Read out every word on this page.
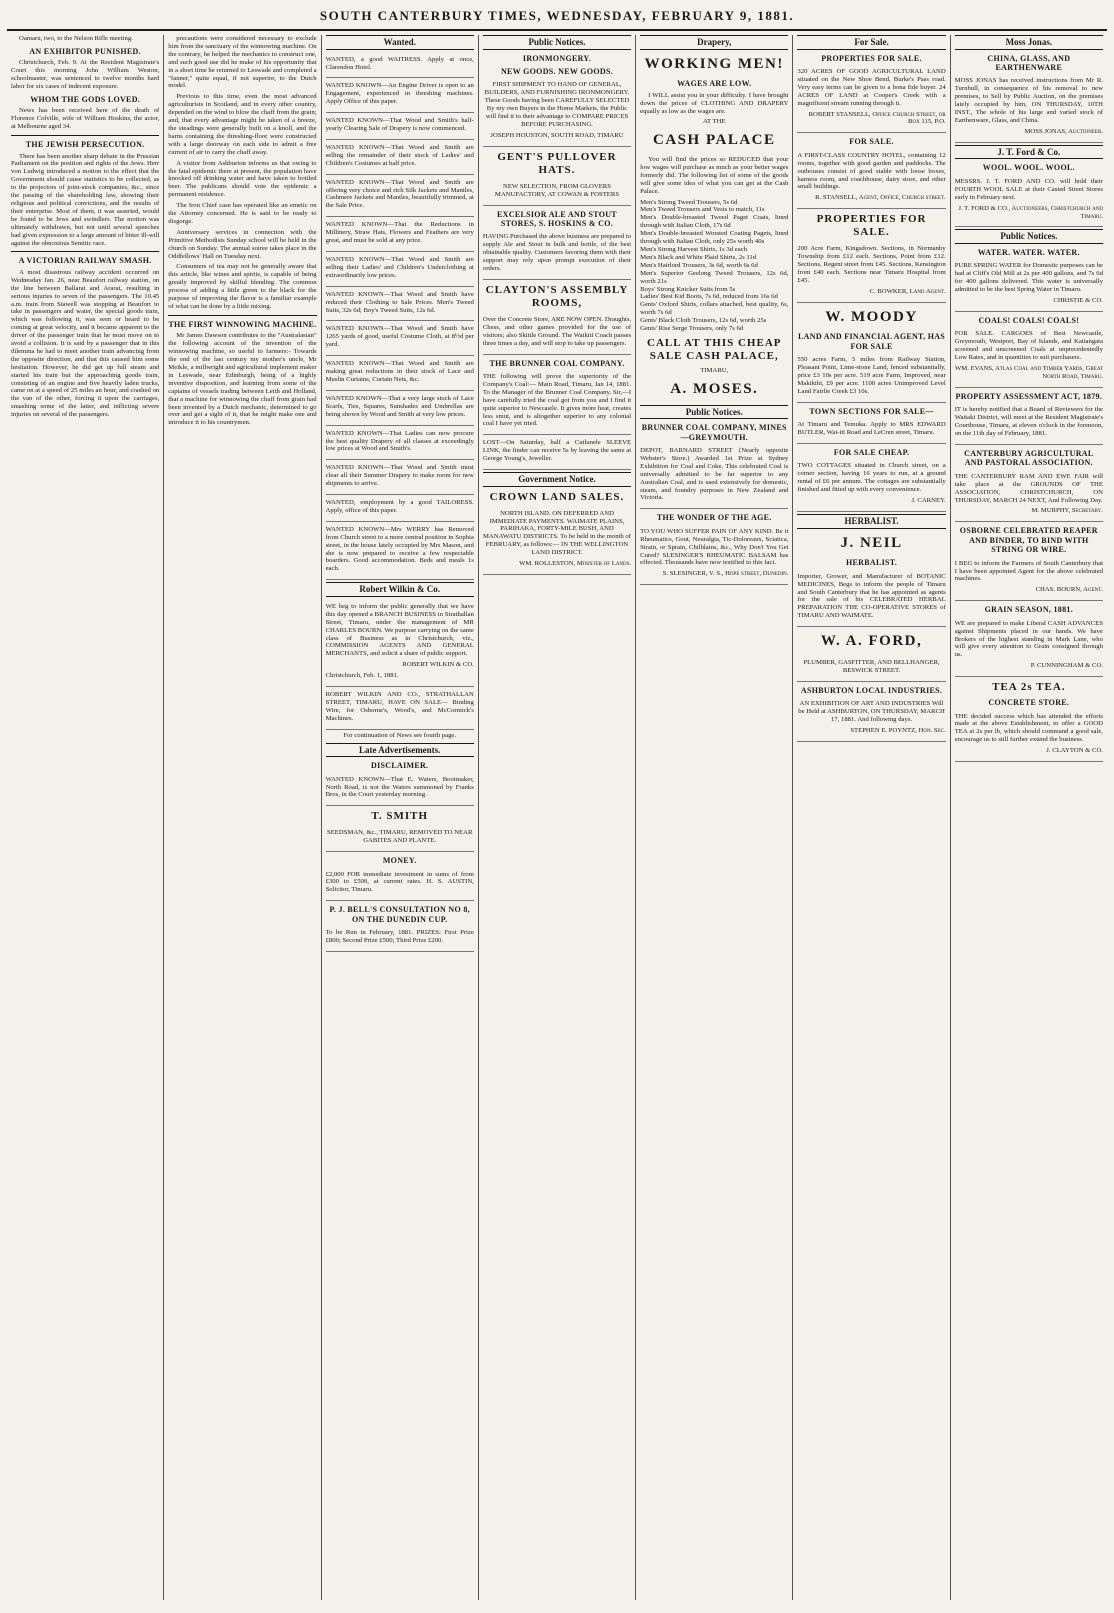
SOUTH CANTERBURY TIMES, WEDNESDAY, FEBRUARY 9, 1881.

Oamaru, two, to the Nelson Rifle meeting.

AN EXHIBITOR PUNISHED.

Christchurch, Feb. 9. At the Resident Magistrate's Court this morning John William Weston, schoolmaster, was sentenced to twelve months hard labor for six cases of indecent exposure.

WHOM THE GODS LOVED.

News has been received here of the death of Florence Colville, wife of William Hoskins, the actor, at Melbourne aged 34.

THE JEWISH PERSECUTION.

There has been another sharp debate in the Prussian Parliament on the position and rights of the Jews. Herr von Ludwig introduced a motion to the effect that the Government should cause statistics to be collected, as to the projectors of joint-stock companies, &c., since the passing of the shareholding law, showing their religious and political convictions, and the results of their enterprise. Most of them, it was asserted, would be found to be Jews and swindlers. The motion was ultimately withdrawn, but not until several speeches had given expression to a large amount of bitter ill-will against the obnoxious Semitic race.

A VICTORIAN RAILWAY SMASH.

A most disastrous railway accident occurred on Wednesday Jan. 26, near Beaufort railway station, on the line between Ballarat and Ararat, resulting in serious injuries to seven of the passengers. The 10.45 a.m. train from Stawell was stopping at Beaufort to take in passengers and water, the special goods train, which was following it, was seen or heard to be coming at great velocity, and it became apparent to the driver of the passenger train that he must move on to avoid a collision. It is said by a passenger that in this dilemma he had to meet another train advancing from the opposite direction, and that this caused him some hesitation. However, he did get up full steam and started his train but the approaching goods train, consisting of an engine and five heavily laden trucks, came on at a speed of 25 miles an hour, and crashed on the van of the other, forcing it upon the carriages, smashing some of the latter, and inflicting severe injuries on several of the passengers.

precautions were considered necessary to exclude him from the sanctuary of the winnowing machine. On the contrary, he helped the mechanics to construct one, and such good use did he make of his opportunity that in a short time he returned to Leswade and completed a "fanner," quite equal, if not superior, to the Dutch model.

Previous to this time, even the most advanced agriculturists in Scotland, and in every other country, depended on the wind to blow the chaff from the grain; and, that every advantage might be taken of a breeze, the steadings were generally built on a knoll, and the barns containing the threshing-floor were constructed with a large doorway on each side to admit a free current of air to carry the chaff away.

A visitor from Ashburton informs us that owing to the fatal epidemic there at present, the population have knocked off drinking water and have taken to bottled beer. The publicans should vote the epidemic a permanent residence.

The Iron Chief case has operated like an emetic on the Attorney concerned. He is said to be ready to disgorge.

Anniversary services in connection with the Primitive Methodists Sunday school will be held in the church on Sunday. The annual soiree takes place in the Oddfellows' Hall on Tuesday next.

Consumers of tea may not be generally aware that this article, like wines and spirits, is capable of being greatly improved by skilful blending. The common process of adding a little green to the black for the purpose of improving the flavor is a familiar example of what can be done by a little mixing.

THE FIRST WINNOWING MACHINE.

Mr James Dawson contributes to the "Australasian" the following account of the invention of the winnowing machine, so useful to farmers:- Towards the end of the last century my mother's uncle, Mr Meikle, a millwright and agricultural implement maker in Leswade, near Edinburgh, being of a highly inventive disposition, and learning from some of the captains of vessels trading between Leith and Holland, that a machine for winnowing the chaff from grain had been invented by a Dutch mechanic, determined to go over and get a sight of it, that he might make one and introduce it to his countrymen.

Wanted.

WANTED, a good WAITRESS. Apply at once, Clarendon Hotel.

WANTED KNOWN—An Engine Driver is open to an Engagement, experienced in threshing machines. Apply Office of this paper.

WANTED KNOWN—That Wood and Smith's half-yearly Clearing Sale of Drapery is now commenced.

WANTED KNOWN—That Wood and Smith are selling the remainder of their stock of Ladies' and Children's Costumes at half price.

WANTED KNOWN—That Wood and Smith are offering very choice and rich Silk Jackets and Mantles, Cashmere Jackets and Mantles, beautifully trimmed, at the Sale Price.

WANTED KNOWN—That the Reductions in Millinery, Straw Hats, Flowers and Feathers are very great, and must be sold at any price.

WANTED KNOWN—That Wood and Smith are selling their Ladies' and Children's Underclothing at extraordinarily low prices.

WANTED KNOWN—That Wood and Smith have reduced their Clothing to Sale Prices. Men's Tweed Suits, 32s 6d; Boy's Tweed Suits, 12s 6d.

WANTED KNOWN—That Wood and Smith have 1265 yards of good, useful Costume Cloth, at 8½d per yard.

WANTED KNOWN—That Wood and Smith are making great reductions in their stock of Lace and Muslin Curtains, Curtain Nets, &c.

WANTED KNOWN—That a very large stock of Lace Scarfs, Ties, Squares, Sunshades and Umbrellas are being shown by Wood and Smith at very low prices.

WANTED KNOWN—That Ladies can now procure the best quality Drapery of all classes at exceedingly low prices at Wood and Smith's.

WANTED KNOWN—That Wood and Smith must clear all their Summer Drapery to make room for new shipments to arrive.

WANTED, employment by a good TAILORESS. Apply, office of this paper.

WANTED KNOWN—Mrs WERRY has Removed from Church street to a more central position in Sophia street, in the house lately occupied by Mrs Mason, and she is now prepared to receive a few respectable boarders. Good accommodation. Beds and meals 1s each.

Robert Wilkin & Co.

WE beg to inform the public generally that we have this day opened a BRANCH BUSINESS in Strathallan Street, Timaru, under the management of MR CHARLES BOURN. We purpose carrying on the same class of Business as in Christchurch, viz., COMMISSION AGENTS AND GENERAL MERCHANTS, and solicit a share of public support.

ROBERT WILKIN & CO.

Christchurch, Feb. 1, 1881.

ROBERT WILKIN AND CO., STRATHALLAN STREET, TIMARU, HAVE ON SALE— Binding Wire, for Osborne's, Wood's, and McCormick's Machines.

For continuation of News see fourth page.

Late Advertisements.
DISCLAIMER.

WANTED KNOWN—That E. Waters, Bootmaker, North Road, is not the Waters summoned by Franks Bros, in the Court yesterday morning.

T. SMITH

SEEDSMAN, &c., TIMARU, REMOVED TO NEAR GABITES AND PLANTE.

MONEY.

£2,000 FOR immediate investment in sums of from £300 to £500, at current rates. H. S. AUSTIN, Solicitor, Timaru.

P. J. BELL'S CONSULTATION NO 8, ON THE DUNEDIN CUP.

To be Run in February, 1881. PRIZES: First Prize £800; Second Prize £500; Third Prize £200.

Public Notices.
IRONMONGERY.
NEW GOODS. NEW GOODS.

FIRST SHIPMENT TO HAND OF GENERAL, BUILDERS, AND FURNISHING IRONMONGERY. These Goods having been CAREFULLY SELECTED By my own Buyers in the Home Markets, the Public will find it to their advantage to COMPARE PRICES BEFORE PURCHASING.

JOSEPH HOUSTON, SOUTH ROAD, TIMARU

GENT'S PULLOVER HATS.

NEW SELECTION, FROM GLOVERS MANUFACTORY, AT COWAN & FOSTERS

EXCELSIOR ALE AND STOUT STORES, S. HOSKINS & CO.

HAVING Purchased the above business are prepared to supply Ale and Stout in bulk and bottle, of the best obtainable quality. Customers favoring them with their support may rely upon prompt execution of their orders.

CLAYTON'S ASSEMBLY ROOMS,

Over the Concrete Store, ARE NOW OPEN. Draughts, Chess, and other games provided for the use of visitors; also Skittle Ground. The Waikiti Coach passes three times a day, and will stop to take up passengers.

THE BRUNNER COAL COMPANY.

THE following will prove the superiority of the Company's Coal:— Main Road, Timaru, Jan 14, 1881. To the Manager of the Brunner Coal Company. Sir,—I have carefully tried the coal got from you and I find it quite superior to Newcastle. It gives more heat, creates less smut, and is altogether superior to any colonial coal I have yet tried.

LOST—On Saturday, half a Cutlunele SLEEVE LINK, the finder can receive 5s by leaving the same at George Young's, Jeweller.

Government Notice.
CROWN LAND SALES.

NORTH ISLAND. ON DEFERRED AND IMMEDIATE PAYMENTS. WAIMATE PLAINS, PARIHAKA, FORTY-MILE BUSH, AND MANAWATU DISTRICTS. To be held in the month of FEBRUARY, as follows:— IN THE WELLINGTON LAND DISTRICT.

WM. ROLLESTON, Minister of Lands.

Drapery,
WORKING MEN!
WAGES ARE LOW.

I WILL assist you in your difficulty. I have brought down the prices of CLOTHING AND DRAPERY equally as low as the wages are.

AT THE

CASH PALACE

You will find the prices so REDUCED that your low wages will purchase as much as your better wages formerly did. The following list of some of the goods will give some idea of what you can get at the Cash Palace.

Men's Strong Tweed Trousers, 5s 6d
Men's Tweed Trousers and Vests to match, 11s
Men's Double-breasted Tweed Paget Coats, lined through with Italian Cloth, 17s 6d
Men's Double-breasted Worsted Coating Pagets, lined through with Italian Cloth, only 25s worth 40s
Men's Strong Harvest Shirts, 1s 3d each
Men's Black and White Plaid Shirts, 2s 11d
Men's Hairlord Trousers, 3s 6d, worth 6s 6d
Men's Superior Geelong Tweed Trousers, 12s 6d, worth 21s
Boys' Strong Knicker Suits from 5s
Ladies' Best Kid Boots, 7s 6d, reduced from 16s 6d
Gents' Oxford Shirts, collars attached, best quality, 6s, worth 7s 6d
Gents' Black Cloth Trousers, 12s 6d, worth 25s
Gents' Rise Serge Trousers, only 7s 6d
CALL AT THIS CHEAP SALE CASH PALACE,

TIMARU,

A. MOSES.
Public Notices.
BRUNNER COAL COMPANY, MINES—GREYMOUTH.

DEPOT, BARNARD STREET (Nearly opposite Webster's Store.) Awarded 1st Prize at Sydney Exhibition for Coal and Coke. This celebrated Coal is universally admitted to be far superior to any Australian Coal, and is used extensively for domestic, steam, and foundry purposes in New Zealand and Victoria.

THE WONDER OF THE AGE.

TO YOU WHO SUFFER PAIN OF ANY KIND. Be it Rheumatics, Gout, Neuralgia, Tic-Doloreaux, Sciatica, Strain, or Sprain, Chilblains, &c., Why Don't You Get Cured? SLESINGER'S RHEUMATIC BALSAM has effected. Thousands have now testified to this fact.

S. SLESINGER, V. S., Hope street, Dunedin.

For Sale.
PROPERTIES FOR SALE.

320 ACRES OF GOOD AGRICULTURAL LAND situated on the New Shoe Bend, Burke's Pass road. Very easy terms can be given to a bona fide buyer. 24 ACRES OF LAND at Cooper's Creek with a magnificent stream running through it.

ROBERT STANSELL, Office Church Street, or Box 115, P.O.

FOR SALE.

A FIRST-CLASS COUNTRY HOTEL, containing 12 rooms, together with good garden and paddocks. The outhouses consist of good stable with loose boxes, harness room, and coachhouse, dairy store, and other small buildings.

R. STANSELL, Agent, Office, Church street.

PROPERTIES FOR SALE.

200 Acre Farm, Kingsdown. Sections, in Normanby Township from £12 each. Sections, Point from £12. Sections, Regent street from £45. Sections, Kensington from £40 each. Sections near Timaru Hospital from £45.

C. BOWKER, Land Agent.

W. MOODY
LAND AND FINANCIAL AGENT, HAS FOR SALE

550 acres Farm, 5 miles from Railway Station, Pleasant Point, Lime-stone Land, fenced substantially, price £3 10s per acre. 519 acre Farm, Improved, near Makikihi, £9 per acre. 1100 acres Unimproved Level Land Fairlie Creek £3 10s.

TOWN SECTIONS FOR SALE—

At Timaru and Temuka. Apply to MRS EDWARD BUTLER, Wai-iti Road and LeCren street, Timaru.

FOR SALE CHEAP.

TWO COTTAGES situated in Church street, on a corner section, having 16 years to run, at a ground rental of £6 per annum. The cottages are substantially finished and fitted up with every convenience.

J. CARNEY.

HERBALIST.
J. NEIL
HERBALIST.

Importer, Grower, and Manufacturer of BOTANIC MEDICINES, Begs to inform the people of Timaru and South Canterbury that he has appointed as agents for the sale of his CELEBRATED HERBAL PREPARATION THE CO-OPERATIVE STORES of TIMARU AND WAIMATE.

W. A. FORD,

PLUMBER, GASFITTER, AND BELLHANGER, BESWICK STREET.

ASHBURTON LOCAL INDUSTRIES.

AN EXHIBITION OF ART AND INDUSTRIES Will be Held at ASHBURTON, ON THURSDAY, MARCH 17, 1881. And following days.

STEPHEN E. POYNTZ, Hon. Sec.

Moss Jonas.
CHINA, GLASS, AND EARTHENWARE

MOSS JONAS has received instructions from Mr R. Turnbull, in consequence of his removal to new premises, to Sell by Public Auction, on the premises lately occupied by him, ON THURSDAY, 10TH INST., The whole of his large and varied stock of Earthenware, Glass, and China.

MOSS JONAS, Auctioneer.

J. T. Ford & Co.
WOOL. WOOL. WOOL.

MESSRS. J. T. FORD AND CO. will hold their FOURTH WOOL SALE at their Casted Street Stores early in February next.

J. T. FORD & CO., Auctioneers, Christchurch and Timaru.

Public Notices.
WATER. WATER. WATER.

PURE SPRING WATER for Domestic purposes can be had at Cliff's Old Mill at 2s per 400 gallons, and 7s 6d for 400 gallons delivered. This water is universally admitted to be the best Spring Water in Timaru.

CHRISTIE & CO.

COALS! COALS! COALS!

FOR SALE. CARGOES of Best Newcastle, Greymouth, Westport, Bay of Islands, and Kaitangata screened and unscreened Coals at unprecedentedly Low Rates, and in quantities to suit purchasers.

WM. EVANS, Atlas Coal and Timber Yards, Great North Road, Timaru.

PROPERTY ASSESSMENT ACT, 1879.

IT is hereby notified that a Board of Reviewers for the Waitaki District, will meet at the Resident Magistrate's Courthouse, Timaru, at eleven o'clock in the forenoon, on the 11th day of February, 1881.

CANTERBURY AGRICULTURAL AND PASTORAL ASSOCIATION.

THE CANTERBURY RAM AND EWE FAIR will take place at the GROUNDS OF THE ASSOCIATION, CHRISTCHURCH, ON THURSDAY, MARCH 24 NEXT, And Following Day.

M. MURPHY, Secretary.

OSBORNE CELEBRATED REAPER AND BINDER, TO BIND WITH STRING OR WIRE.

I BEG to inform the Farmers of South Canterbury that I have been appointed Agent for the above celebrated machines.

CHAS. BOURN, Agent.

GRAIN SEASON, 1881.

WE are prepared to make Liberal CASH ADVANCES against Shipments placed in our hands. We have Brokers of the highest standing in Mark Lane, who will give every attention to Grain consigned through us.

P. CUNNINGHAM & CO.

TEA 2s TEA.
CONCRETE STORE.

THE decided success which has attended the efforts made at the above Establishment, to offer a GOOD TEA at 2s per lb, which should command a good sale, encourage us to still further extend the business.

J. CLAYTON & CO.
